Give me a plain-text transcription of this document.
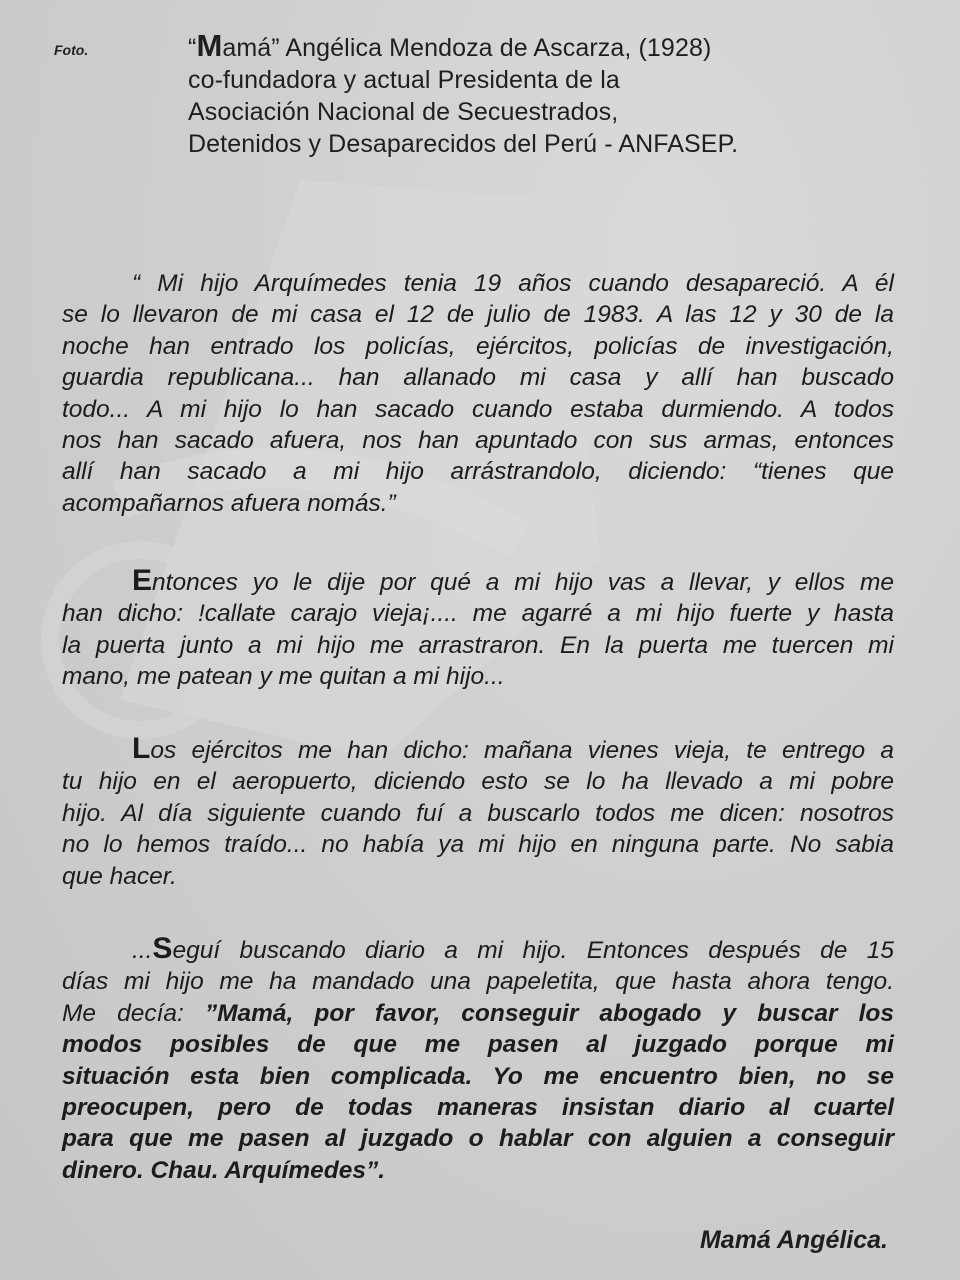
Foto.	“Mamá” Angélica Mendoza de Ascarza, (1928)
co-fundadora y actual Presidenta de la
Asociación Nacional de Secuestrados,
Detenidos y Desaparecidos del Perú - ANFASEP.
“ Mi hijo Arquímedes tenia 19 años cuando desapareció. A él
se lo llevaron de mi casa el 12 de julio de 1983. A las 12 y 30 de la
noche han entrado los policías, ejércitos, policías de investigación,
guardia republicana... han allanado mi casa y allí han buscado
todo... A mi hijo lo han sacado cuando estaba durmiendo. A todos
nos han sacado afuera, nos han apuntado con sus armas, entonces
allí han sacado a mi hijo arrástrandolo, diciendo: “tienes que
acompañarnos afuera nomás.”
Entonces yo le dije por qué a mi hijo vas a llevar, y ellos me
han dicho: !callate carajo vieja¡.... me agarré a mi hijo fuerte y hasta
la puerta junto a mi hijo me arrastraron. En la puerta me tuercen mi
mano, me patean y me quitan a mi hijo...
Los ejércitos me han dicho: mañana vienes vieja, te entrego a
tu hijo en el aeropuerto, diciendo esto se lo ha llevado a mi pobre
hijo. Al día siguiente cuando fuí a buscarlo todos me dicen: nosotros
no lo hemos traído... no había ya mi hijo en ninguna parte. No sabia
que hacer.
...Seguí buscando diario a mi hijo. Entonces después de 15
días mi hijo me ha mandado una papeletita, que hasta ahora tengo.
Me decía: ”Mamá, por favor, conseguir abogado y buscar los
modos posibles de que me pasen al juzgado porque mi
situación esta bien complicada. Yo me encuentro bien, no se
preocupen, pero de todas maneras insistan diario al cuartel
para que me pasen al juzgado o hablar con alguien a conseguir
dinero. Chau. Arquímedes”.
Mamá Angélica.
